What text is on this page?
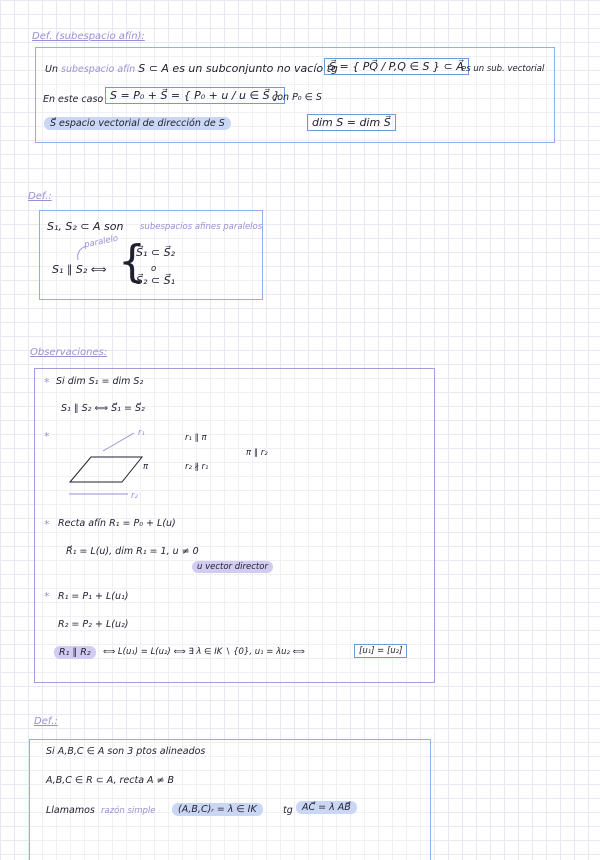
Def. (subespacio afín):
Un subespacio afín S ⊂ A es un subconjunto no vacío tg
S⃗ = { PQ⃗ / P,Q ∈ S } ⊂ A⃗
es un sub. vectorial
En este caso S = P₀ + S⃗ = { P₀ + u / u ∈ S⃗ }
con P₀ ∈ S
S⃗ espacio vectorial de dirección de S	dim S = dim S⃗
Def.:
S₁, S₂ ⊂ A son subespacios afines paralelos
paralelo
S₁ ∥ S₂ ⟺ {
S⃗₁ ⊂ S⃗₂
o
S⃗₂ ⊂ S⃗₁
Observaciones:
* Si dim S₁ = dim S₂
S₁ ∥ S₂ ⟺ S⃗₁ = S⃗₂
*	r₁
π
r₂
r₁ ∥ π
r₂ ∦ r₁
π ∥ r₂
* Recta afín R₁ = P₀ + L(u)
R⃗₁ = L(u), dim R₁ = 1, u ≠ 0
u vector director
* R₁ = P₁ + L(u₁)
R₂ = P₂ + L(u₂)
R₁ ∥ R₂	⟺ L(u₁) = L(u₂) ⟺ ∃ λ ∈ IK ∖ {0}, u₁ = λu₂ ⟺	[u₁] = [u₂]
Def.:
Si A,B,C ∈ A son 3 ptos alineados
A,B,C ∈ R ⊂ A, recta A ≠ B
Llamamos razón simple	(A,B,C)ᵣ = λ ∈ IK	tg AC⃗ = λ AB⃗
